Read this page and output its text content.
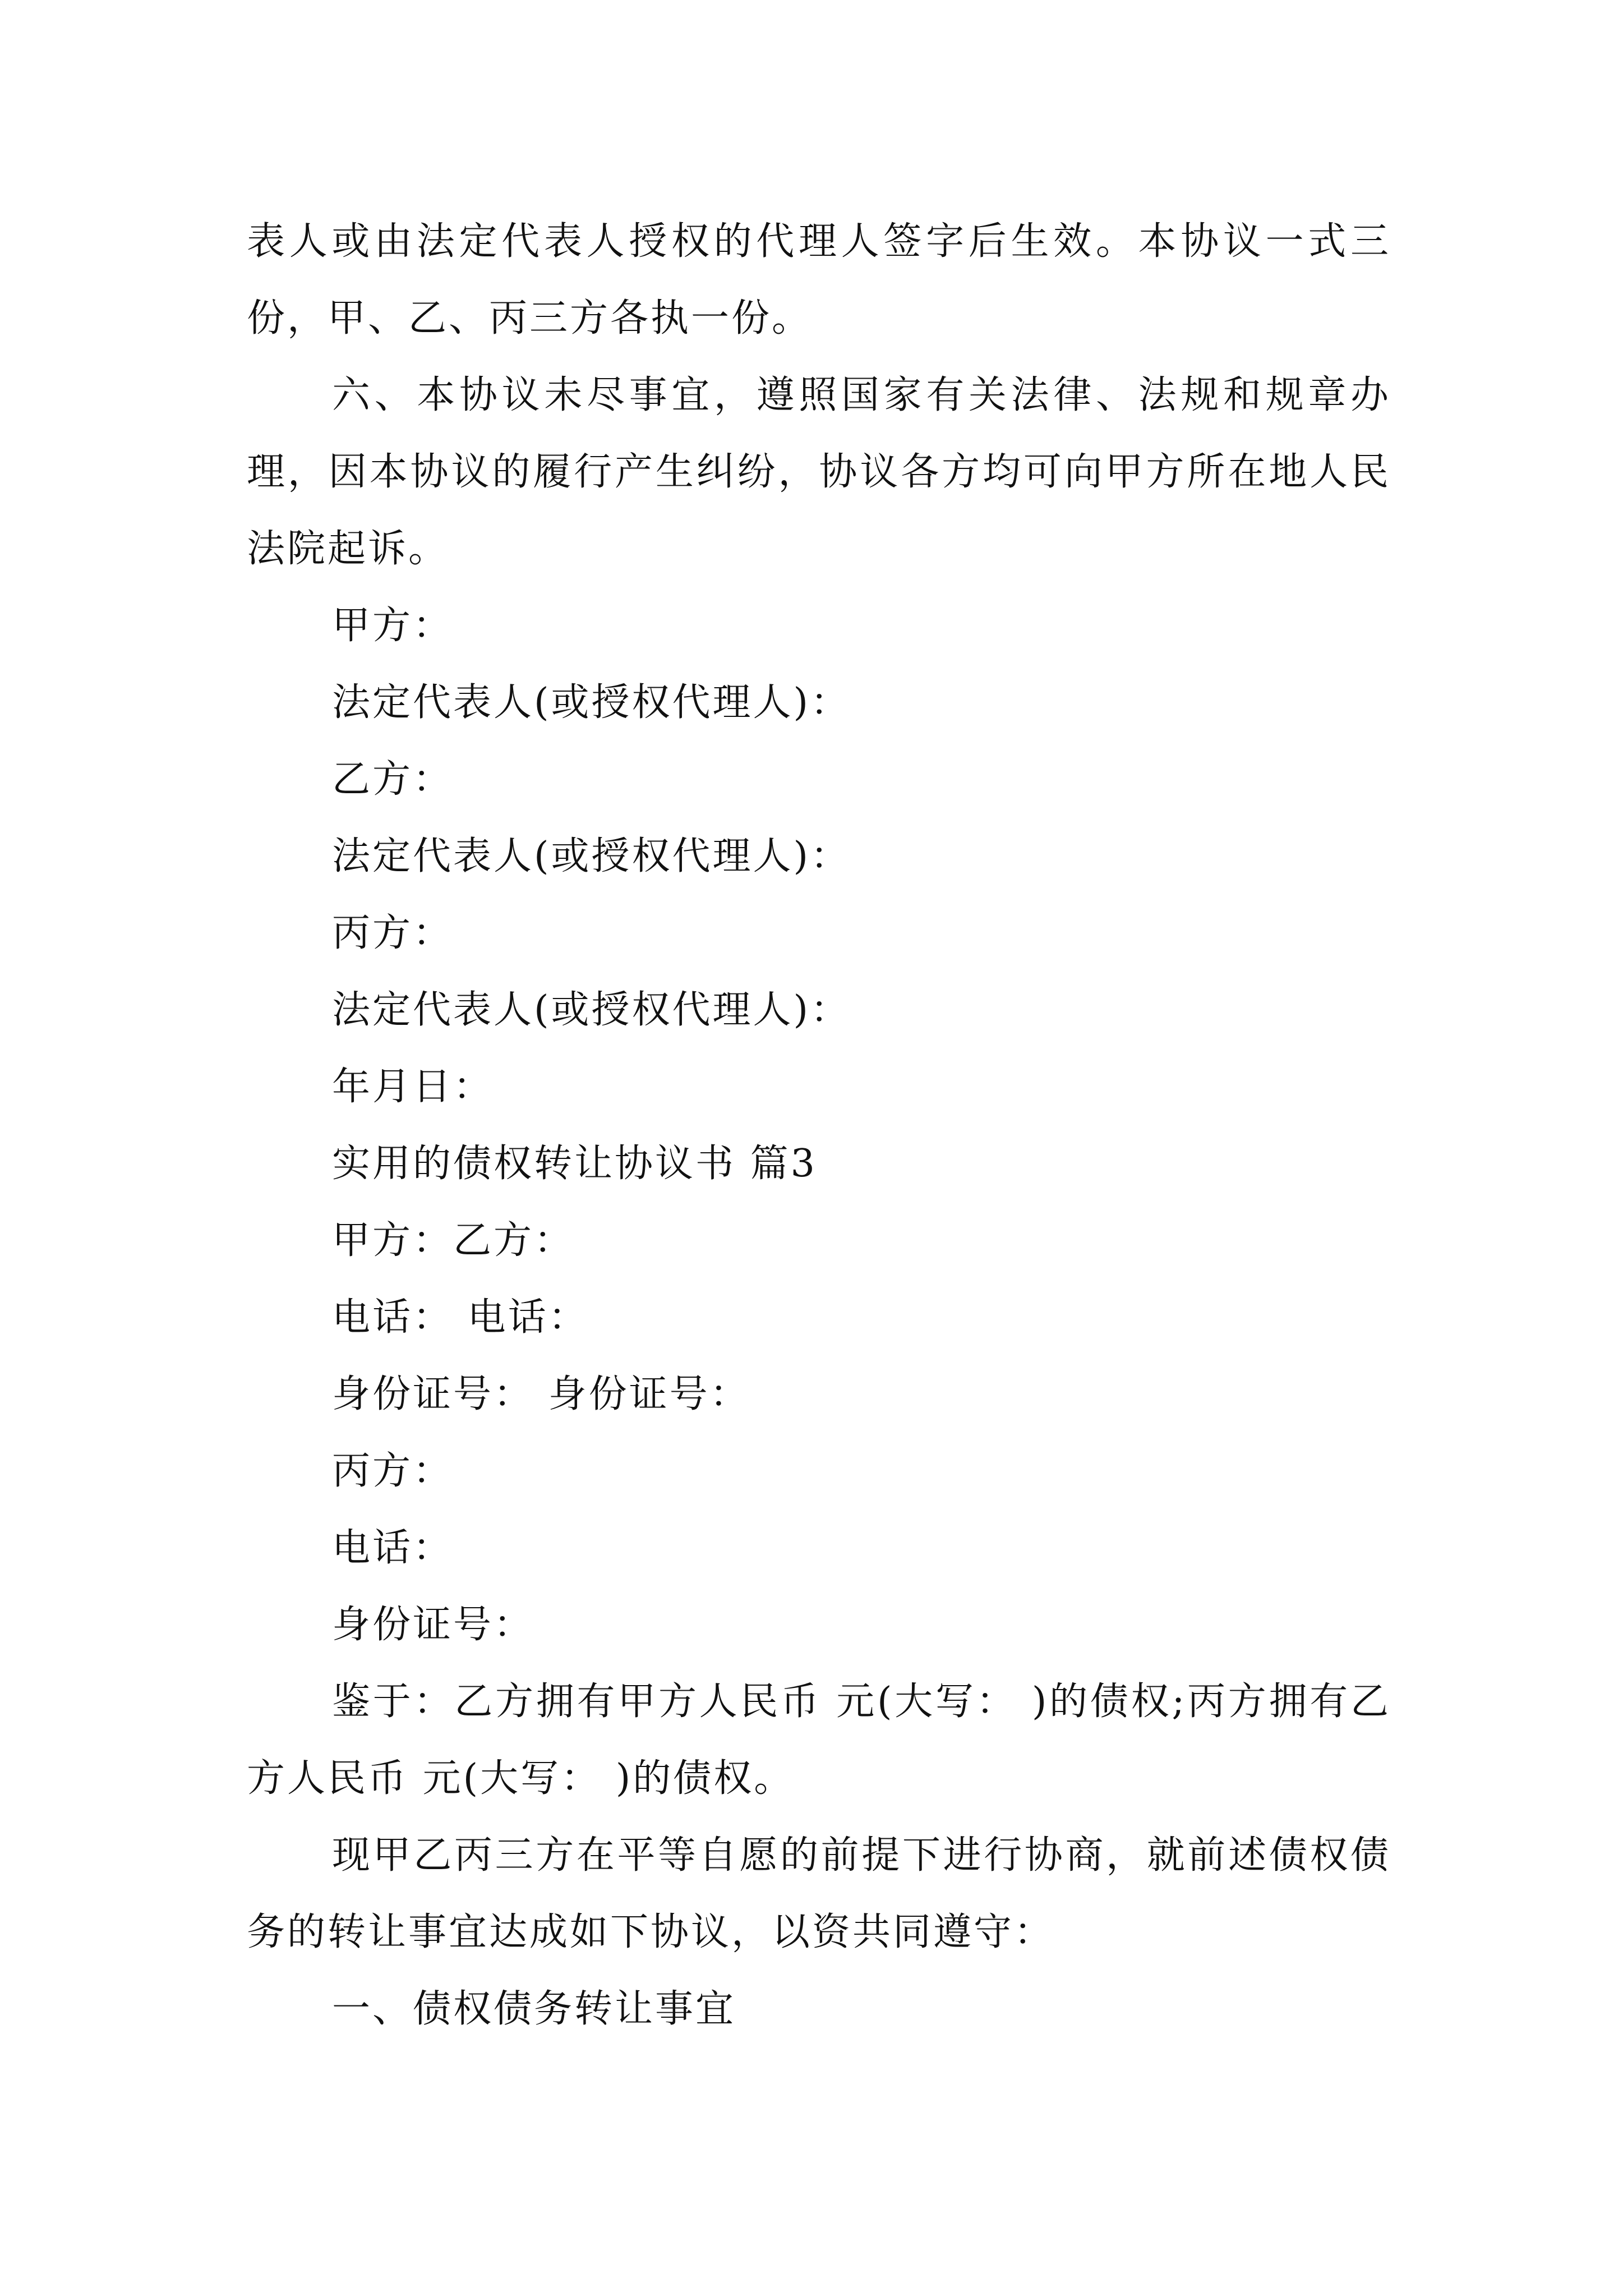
表人或由法定代表人授权的代理人签字后生效。本协议一式三份，甲、乙、丙三方各执一份。

六、本协议未尽事宜，遵照国家有关法律、法规和规章办理，因本协议的履行产生纠纷，协议各方均可向甲方所在地人民法院起诉。

甲方：

法定代表人(或授权代理人)：

乙方：

法定代表人(或授权代理人)：

丙方：

法定代表人(或授权代理人)：

年月日：

实用的债权转让协议书 篇3

甲方：乙方：

电话： 电话：

身份证号： 身份证号：

丙方：

电话：

身份证号：

鉴于：乙方拥有甲方人民币 元(大写： )的债权;丙方拥有乙方人民币 元(大写： )的债权。

现甲乙丙三方在平等自愿的前提下进行协商，就前述债权债务的转让事宜达成如下协议，以资共同遵守：

一、债权债务转让事宜
